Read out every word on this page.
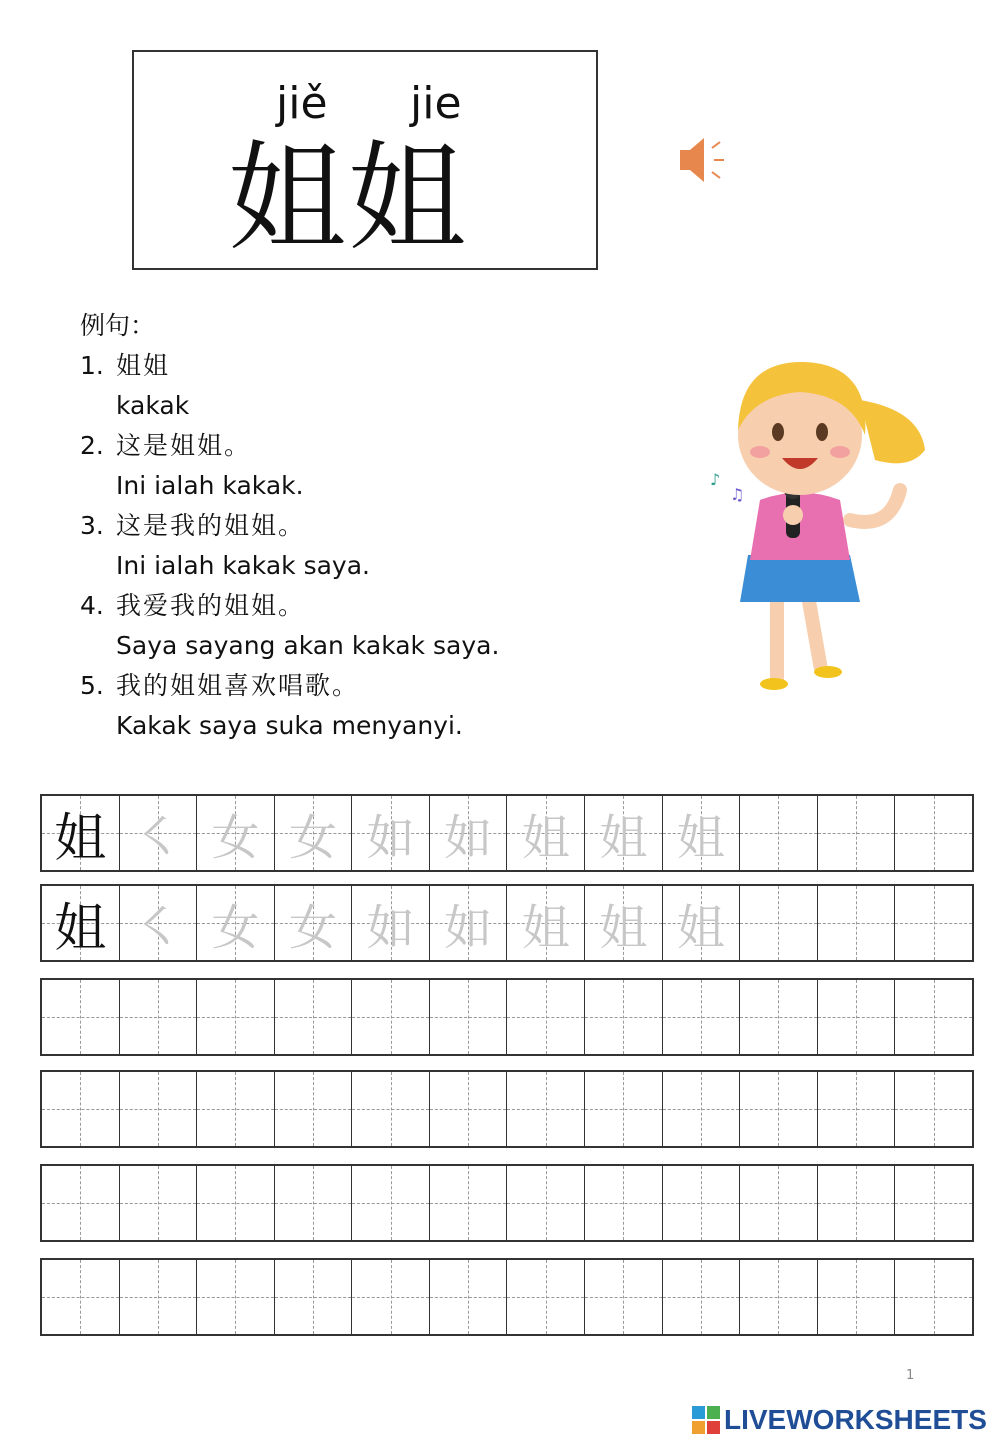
jiě jie
姐姐
例句：
1. 姐姐
kakak
2. 这是姐姐。
Ini ialah kakak.
3. 这是我的姐姐。
Ini ialah kakak saya.
4. 我爱我的姐姐。
Saya sayang akan kakak saya.
5. 我的姐姐喜欢唱歌。
Kakak saya suka menyanyi.
♪
♫
姐 ㇛ 女 女 如 如 姐 姐 姐
姐 ㇛ 女 女 如 如 姐 姐 姐
1
LIVEWORKSHEETS
